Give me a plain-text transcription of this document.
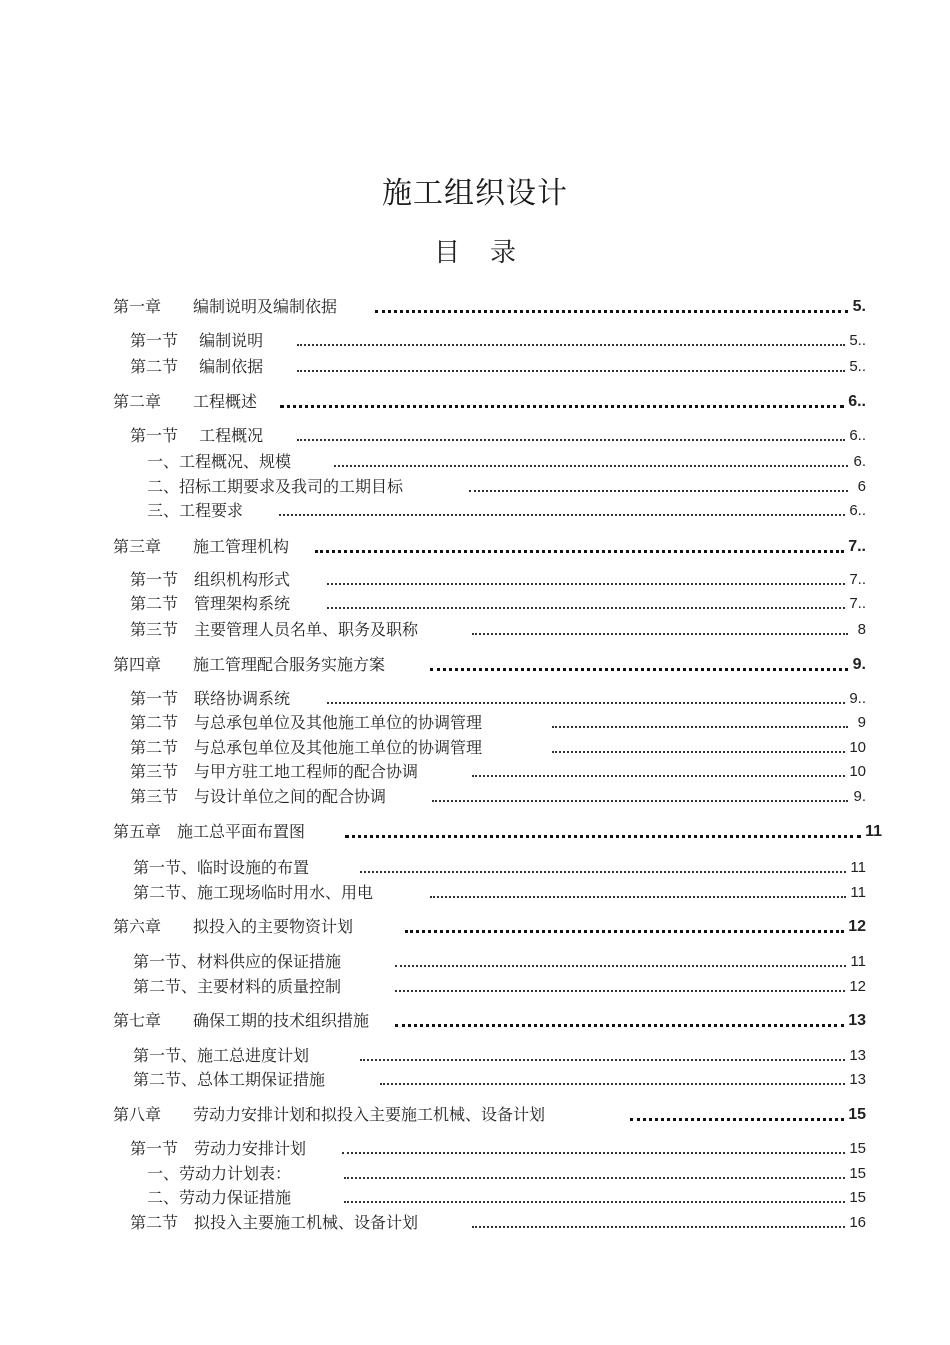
施工组织设计
目录
第一章　　编制说明及编制依据	5.
第一节　 编制说明	5..
第二节　 编制依据	5..
第二章　　工程概述	6..
第一节　 工程概况	6..
一、工程概况、规模	6.
二、招标工期要求及我司的工期目标	6
三、工程要求	6..
第三章　　施工管理机构	7..
第一节　组织机构形式	7..
第二节　管理架构系统	7..
第三节　主要管理人员名单、职务及职称	8
第四章　　施工管理配合服务实施方案	9.
第一节　联络协调系统	9..
第二节　与总承包单位及其他施工单位的协调管理	9
第二节　与总承包单位及其他施工单位的协调管理	10
第三节　与甲方驻工地工程师的配合协调	10
第三节　与设计单位之间的配合协调	9.
第五章　施工总平面布置图	11
第一节、临时设施的布置	11
第二节、施工现场临时用水、用电	11
第六章　　拟投入的主要物资计划	12
第一节、材料供应的保证措施	11
第二节、主要材料的质量控制	12
第七章　　确保工期的技术组织措施	13
第一节、施工总进度计划	13
第二节、总体工期保证措施	13
第八章　　劳动力安排计划和拟投入主要施工机械、设备计划	15
第一节　劳动力安排计划	15
一、劳动力计划表：	15
二、劳动力保证措施	15
第二节　拟投入主要施工机械、设备计划	16
